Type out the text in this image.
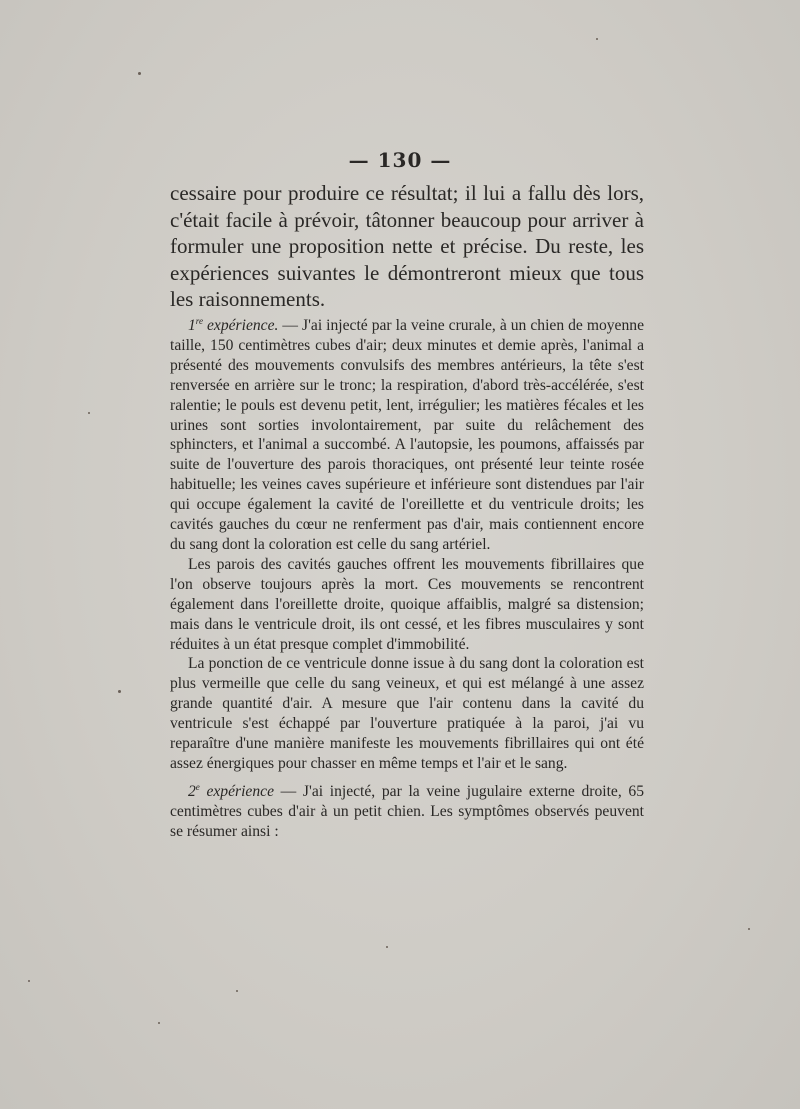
— 130 —

cessaire pour produire ce résultat; il lui a fallu dès lors, c'était facile à prévoir, tâtonner beaucoup pour arriver à formuler une proposition nette et précise. Du reste, les expériences suivantes le démontreront mieux que tous les raisonnements.

1re expérience. — J'ai injecté par la veine crurale, à un chien de moyenne taille, 150 centimètres cubes d'air; deux minutes et demie après, l'animal a présenté des mouvements convulsifs des membres antérieurs, la tête s'est renversée en arrière sur le tronc; la respiration, d'abord très-accélérée, s'est ralentie; le pouls est devenu petit, lent, irrégulier; les matières fécales et les urines sont sorties involontairement, par suite du relâchement des sphincters, et l'animal a succombé. A l'autopsie, les poumons, affaissés par suite de l'ouverture des parois thoraciques, ont présenté leur teinte rosée habituelle; les veines caves supérieure et inférieure sont distendues par l'air qui occupe également la cavité de l'oreillette et du ventricule droits; les cavités gauches du cœur ne renferment pas d'air, mais contiennent encore du sang dont la coloration est celle du sang artériel.

Les parois des cavités gauches offrent les mouvements fibrillaires que l'on observe toujours après la mort. Ces mouvements se rencontrent également dans l'oreillette droite, quoique affaiblis, malgré sa distension; mais dans le ventricule droit, ils ont cessé, et les fibres musculaires y sont réduites à un état presque complet d'immobilité.

La ponction de ce ventricule donne issue à du sang dont la coloration est plus vermeille que celle du sang veineux, et qui est mélangé à une assez grande quantité d'air. A mesure que l'air contenu dans la cavité du ventricule s'est échappé par l'ouverture pratiquée à la paroi, j'ai vu reparaître d'une manière manifeste les mouvements fibrillaires qui ont été assez énergiques pour chasser en même temps et l'air et le sang.

2e expérience — J'ai injecté, par la veine jugulaire externe droite, 65 centimètres cubes d'air à un petit chien. Les symptômes observés peuvent se résumer ainsi :
